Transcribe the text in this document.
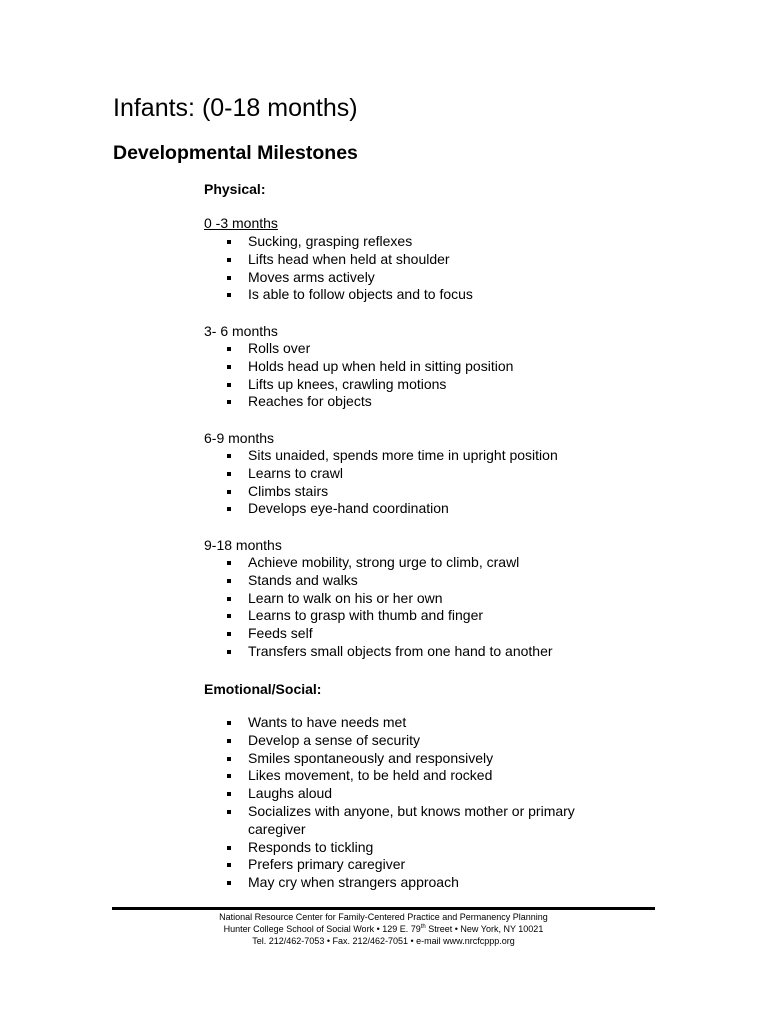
Infants: (0-18 months)
Developmental Milestones
Physical:
0 -3 months
Sucking, grasping reflexes
Lifts head when held at shoulder
Moves arms actively
Is able to follow objects and to focus
3- 6 months
Rolls over
Holds head up when held in sitting position
Lifts up knees, crawling motions
Reaches for objects
6-9 months
Sits unaided, spends more time in upright position
Learns to crawl
Climbs stairs
Develops eye-hand coordination
9-18 months
Achieve mobility, strong urge to climb, crawl
Stands and walks
Learn to walk on his or her own
Learns to grasp with thumb and finger
Feeds self
Transfers small objects from one hand to another
Emotional/Social:
Wants to have needs met
Develop a sense of security
Smiles spontaneously and responsively
Likes movement, to be held and rocked
Laughs aloud
Socializes with anyone, but knows mother or primary caregiver
Responds to tickling
Prefers primary caregiver
May cry when strangers approach
National Resource Center for Family-Centered Practice and Permanency Planning
Hunter College School of Social Work • 129 E. 79th Street • New York, NY 10021
Tel. 212/462-7053 • Fax. 212/462-7051 • e-mail www.nrcfcppp.org
